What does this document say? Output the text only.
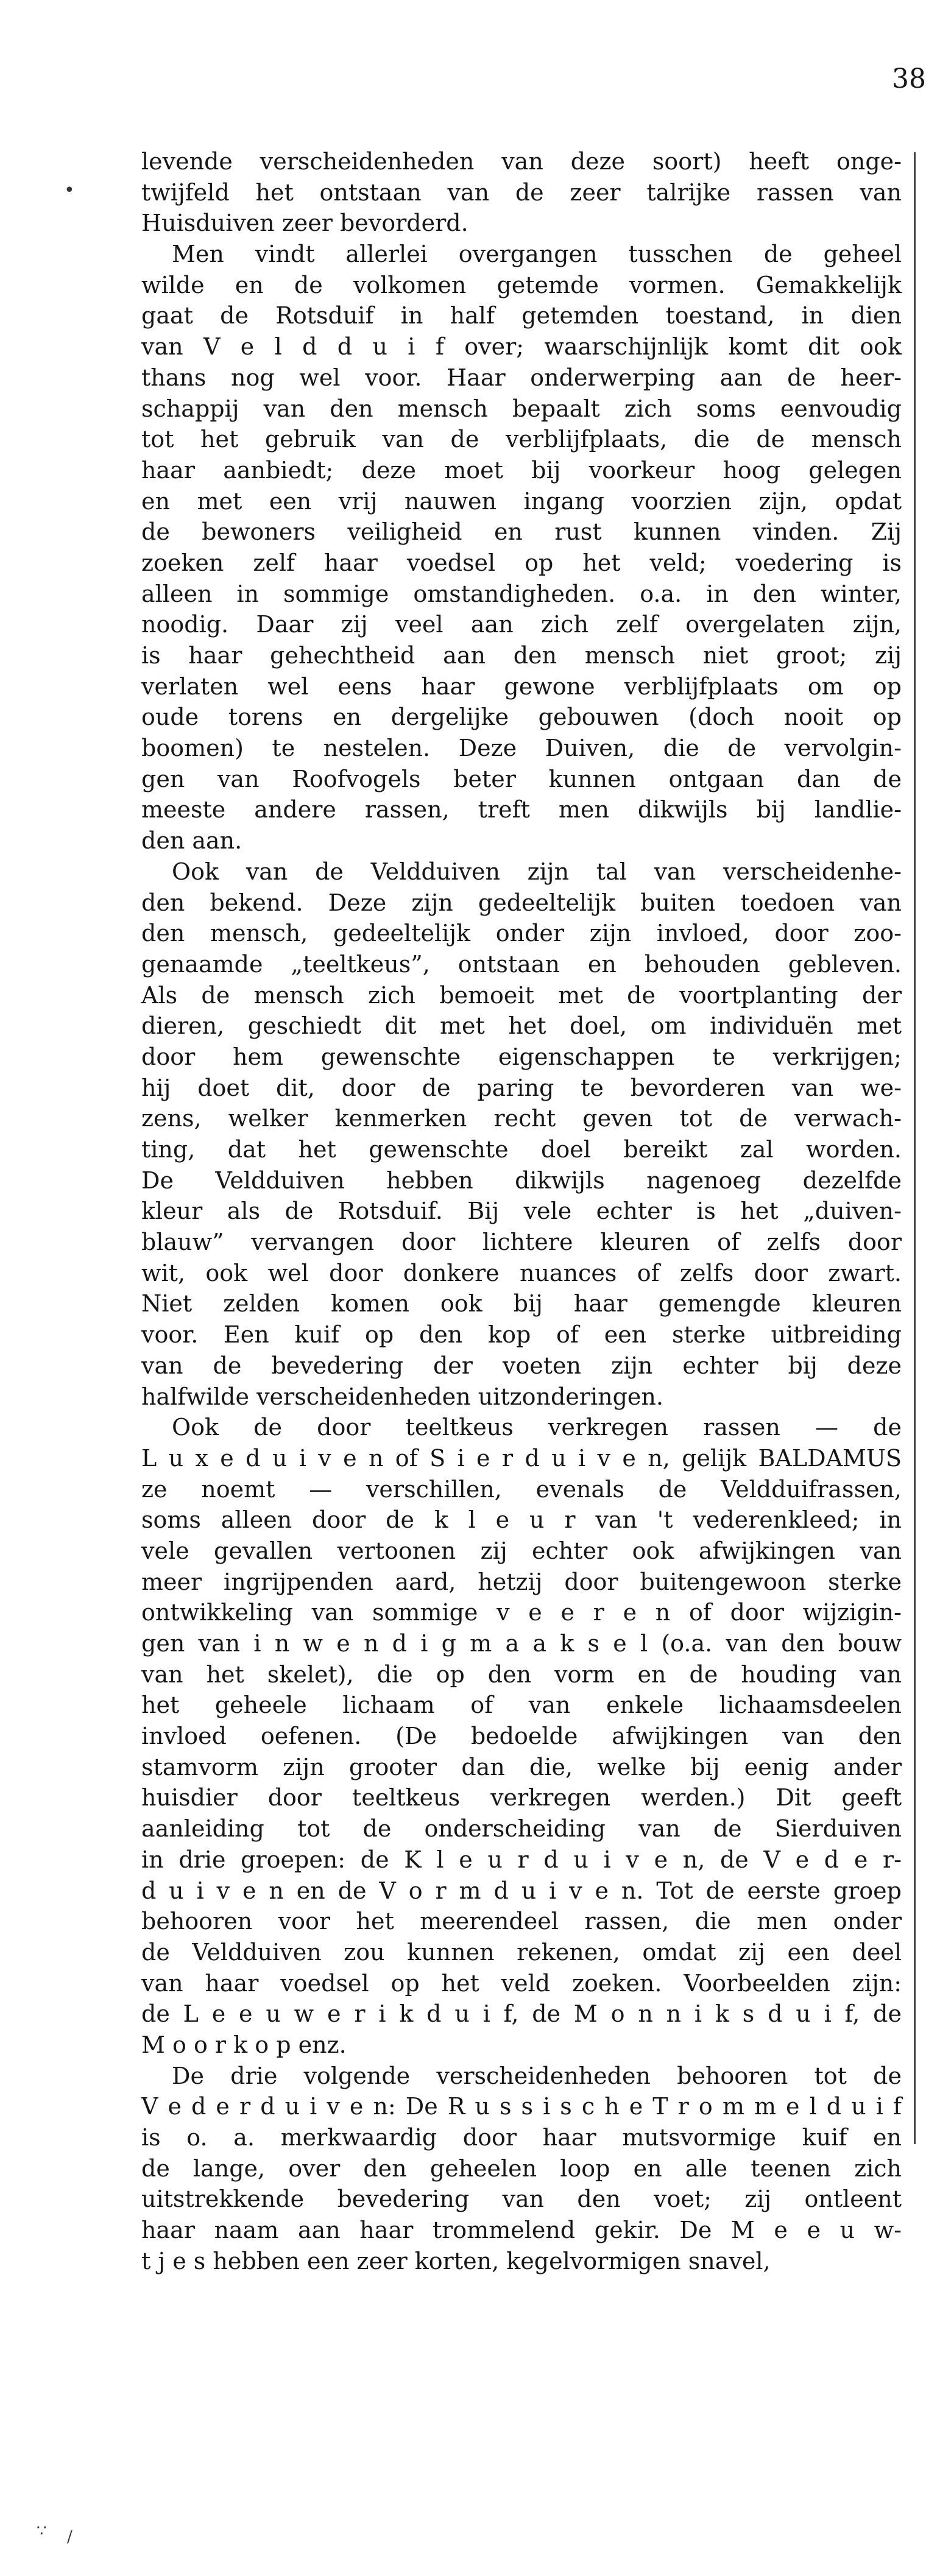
38
•
∵ ∕
levende verscheidenheden van deze soort) heeft onge-
twijfeld het ontstaan van de zeer talrijke rassen van
Huisduiven zeer bevorderd.
Men vindt allerlei overgangen tusschen de geheel
wilde en de volkomen getemde vormen. Gemakkelijk
gaat de Rotsduif in half getemden toestand, in dien
van V e l d d u i f over; waarschijnlijk komt dit ook
thans nog wel voor. Haar onderwerping aan de heer-
schappij van den mensch bepaalt zich soms eenvoudig
tot het gebruik van de verblijfplaats, die de mensch
haar aanbiedt; deze moet bij voorkeur hoog gelegen
en met een vrij nauwen ingang voorzien zijn, opdat
de bewoners veiligheid en rust kunnen vinden. Zij
zoeken zelf haar voedsel op het veld; voedering is
alleen in sommige omstandigheden. o.a. in den winter,
noodig. Daar zij veel aan zich zelf overgelaten zijn,
is haar gehechtheid aan den mensch niet groot; zij
verlaten wel eens haar gewone verblijfplaats om op
oude torens en dergelijke gebouwen (doch nooit op
boomen) te nestelen. Deze Duiven, die de vervolgin-
gen van Roofvogels beter kunnen ontgaan dan de
meeste andere rassen, treft men dikwijls bij landlie-
den aan.
Ook van de Veldduiven zijn tal van verscheidenhe-
den bekend. Deze zijn gedeeltelijk buiten toedoen van
den mensch, gedeeltelijk onder zijn invloed, door zoo-
genaamde „teeltkeus”, ontstaan en behouden gebleven.
Als de mensch zich bemoeit met de voortplanting der
dieren, geschiedt dit met het doel, om individuën met
door hem gewenschte eigenschappen te verkrijgen;
hij doet dit, door de paring te bevorderen van we-
zens, welker kenmerken recht geven tot de verwach-
ting, dat het gewenschte doel bereikt zal worden.
De Veldduiven hebben dikwijls nagenoeg dezelfde
kleur als de Rotsduif. Bij vele echter is het „duiven-
blauw” vervangen door lichtere kleuren of zelfs door
wit, ook wel door donkere nuances of zelfs door zwart.
Niet zelden komen ook bij haar gemengde kleuren
voor. Een kuif op den kop of een sterke uitbreiding
van de bevedering der voeten zijn echter bij deze
halfwilde verscheidenheden uitzonderingen.
Ook de door teeltkeus verkregen rassen — de
L u x e d u i v e n of S i e r d u i v e n, gelijk BALDAMUS
ze noemt — verschillen, evenals de Veldduifrassen,
soms alleen door de k l e u r van 't vederenkleed; in
vele gevallen vertoonen zij echter ook afwijkingen van
meer ingrijpenden aard, hetzij door buitengewoon sterke
ontwikkeling van sommige v e e r e n of door wijzigin-
gen van i n w e n d i g m a a k s e l (o.a. van den bouw
van het skelet), die op den vorm en de houding van
het geheele lichaam of van enkele lichaamsdeelen
invloed oefenen. (De bedoelde afwijkingen van den
stamvorm zijn grooter dan die, welke bij eenig ander
huisdier door teeltkeus verkregen werden.) Dit geeft
aanleiding tot de onderscheiding van de Sierduiven
in drie groepen: de K l e u r d u i v e n, de V e d e r-
d u i v e n en de V o r m d u i v e n. Tot de eerste groep
behooren voor het meerendeel rassen, die men onder
de Veldduiven zou kunnen rekenen, omdat zij een deel
van haar voedsel op het veld zoeken. Voorbeelden zijn:
de L e e u w e r i k d u i f, de M o n n i k s d u i f, de
M o o r k o p enz.
De drie volgende verscheidenheden behooren tot de
V e d e r d u i v e n: De R u s s i s c h e T r o m m e l d u i f
is o. a. merkwaardig door haar mutsvormige kuif en
de lange, over den geheelen loop en alle teenen zich
uitstrekkende bevedering van den voet; zij ontleent
haar naam aan haar trommelend gekir. De M e e u w-
t j e s hebben een zeer korten, kegelvormigen snavel,
